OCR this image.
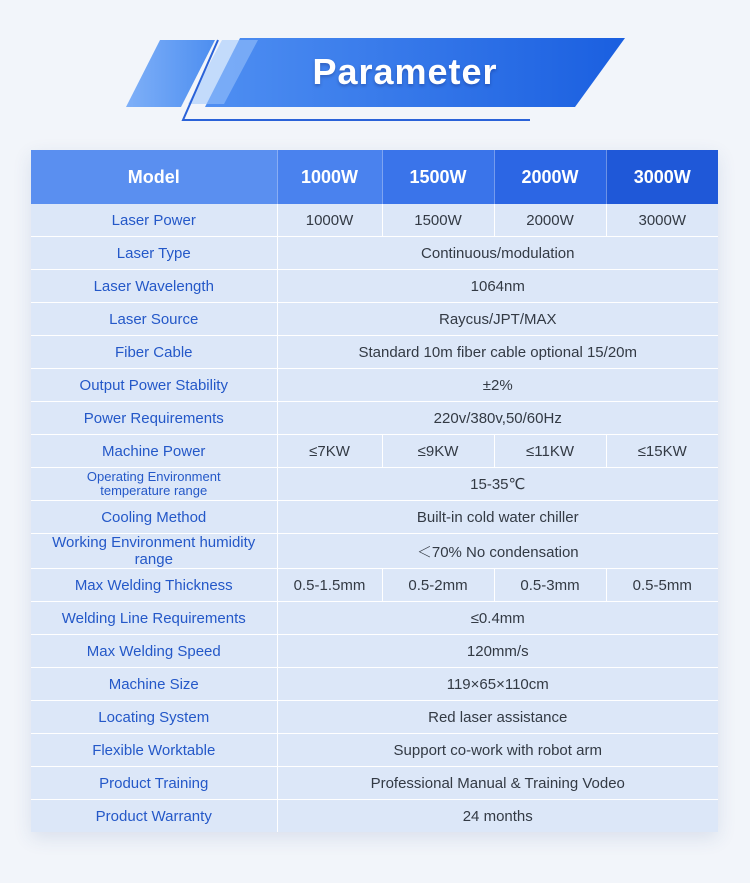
Parameter
Model	1000W	1500W	2000W	3000W
Laser Power	1000W	1500W	2000W	3000W
Laser Type	Continuous/modulation			
Laser Wavelength	1064nm			
Laser Source	Raycus/JPT/MAX			
Fiber Cable	Standard 10m fiber cable optional 15/20m			
Output Power Stability	±2%			
Power Requirements	220v/380v,50/60Hz			
Machine Power	≤7KW	≤9KW	≤11KW	≤15KW
Operating Environment
temperature range	15-35℃			
Cooling Method	Built-in cold water chiller			
Working Environment humidity range	＜70% No condensation			
Max Welding Thickness	0.5-1.5mm	0.5-2mm	0.5-3mm	0.5-5mm
Welding Line Requirements	≤0.4mm			
Max Welding Speed	120mm/s			
Machine Size	119×65×110cm			
Locating System	Red laser assistance			
Flexible Worktable	Support co-work with robot arm			
Product Training	Professional Manual & Training Vodeo			
Product Warranty	24 months			
